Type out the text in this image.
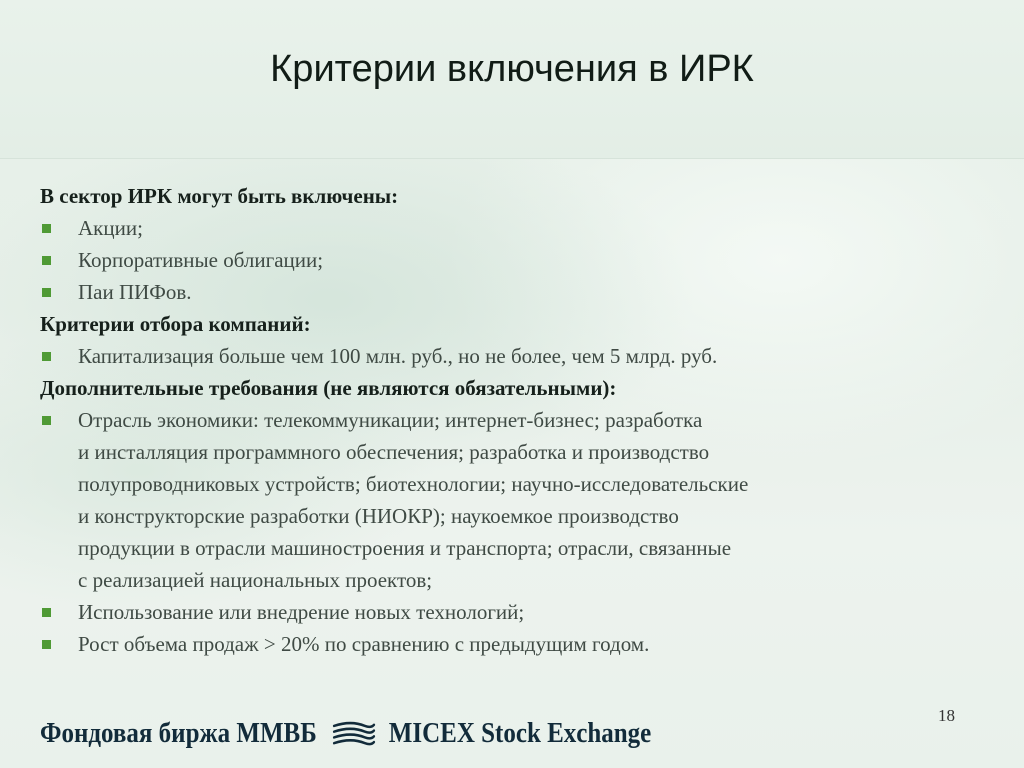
Критерии включения в ИРК
В сектор ИРК могут быть включены:
Акции;
Корпоративные облигации;
Паи ПИФов.
Критерии отбора компаний:
Капитализация больше чем 100 млн. руб., но не более, чем 5 млрд. руб.
Дополнительные требования (не являются обязательными):
Отрасль экономики: телекоммуникации; интернет-бизнес; разработка
и инсталляция программного обеспечения; разработка и производство
полупроводниковых устройств; биотехнологии; научно-исследовательские
и конструкторские разработки (НИОКР); наукоемкое производство
продукции в отрасли машиностроения и транспорта; отрасли, связанные
с реализацией национальных проектов;
Использование или внедрение новых технологий;
Рост объема продаж > 20% по сравнению с предыдущим годом.
18
Фондовая биржа ММВБ	MICEX Stock Exchange
